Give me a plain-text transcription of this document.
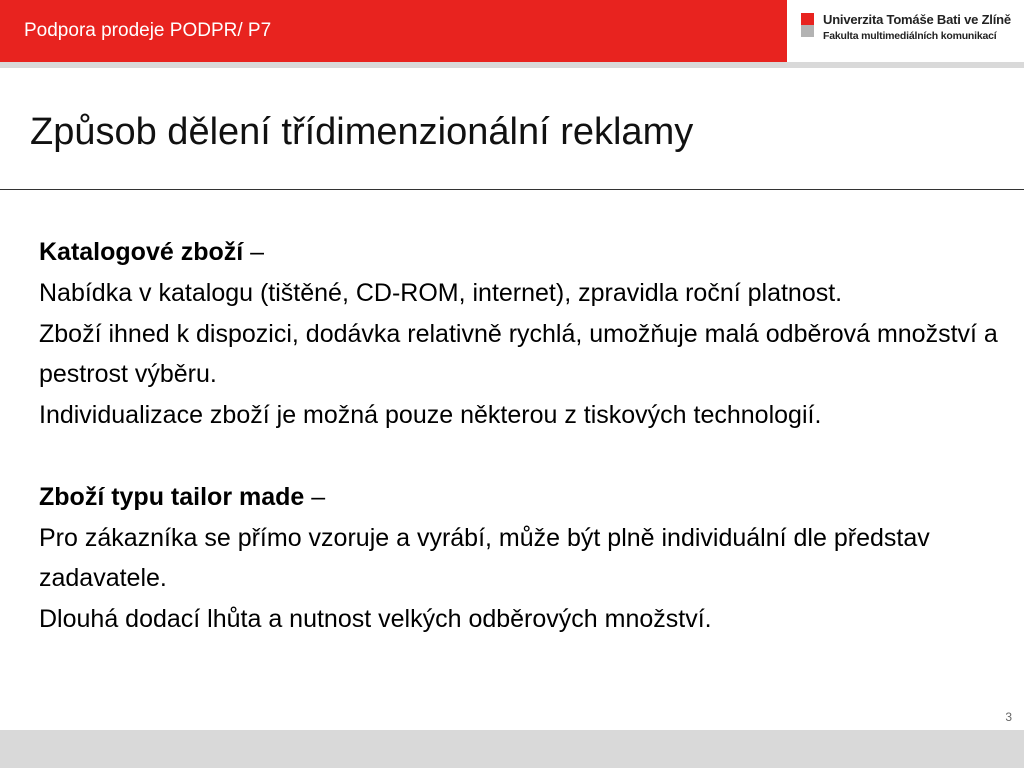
Podpora prodeje PODPR/ P7
Univerzita Tomáše Bati ve Zlíně
Fakulta multimediálních komunikací
Způsob dělení třídimenzionální reklamy

Katalogové zboží –

Nabídka v katalogu (tištěné, CD-ROM, internet), zpravidla roční platnost.

Zboží ihned k dispozici, dodávka relativně rychlá, umožňuje malá odběrová množství a pestrost výběru.

Individualizace zboží je možná pouze některou z tiskových technologií.

Zboží typu tailor made –

Pro zákazníka se přímo vzoruje a vyrábí, může být plně individuální dle představ zadavatele.

Dlouhá dodací lhůta a nutnost velkých odběrových množství.

3
